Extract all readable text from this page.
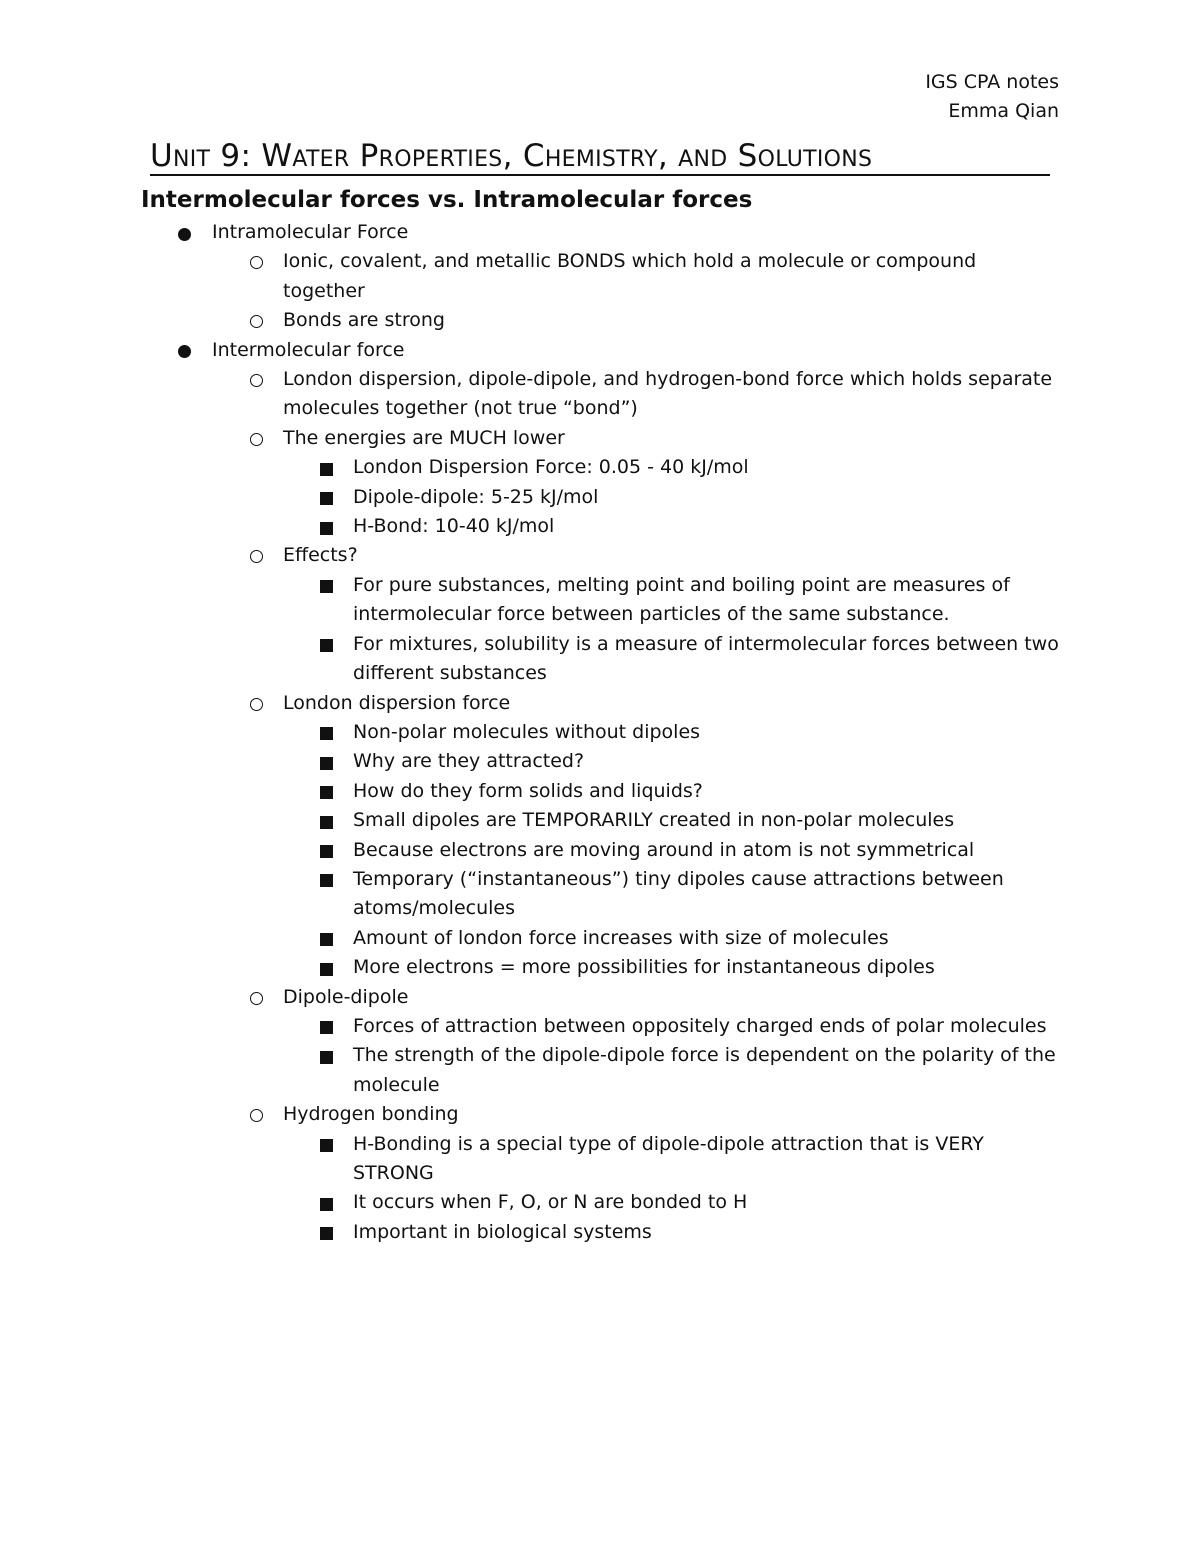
IGS CPA notes
Emma Qian
Unit 9: Water Properties, Chemistry, and Solutions
Intermolecular forces vs. Intramolecular forces
Intramolecular Force
Ionic, covalent, and metallic BONDS which hold a molecule or compound together
Bonds are strong
Intermolecular force
London dispersion, dipole-dipole, and hydrogen-bond force which holds separate molecules together (not true “bond”)
The energies are MUCH lower
London Dispersion Force: 0.05 - 40 kJ/mol
Dipole-dipole: 5-25 kJ/mol
H-Bond: 10-40 kJ/mol
Effects?
For pure substances, melting point and boiling point are measures of intermolecular force between particles of the same substance.
For mixtures, solubility is a measure of intermolecular forces between two different substances
London dispersion force
Non-polar molecules without dipoles
Why are they attracted?
How do they form solids and liquids?
Small dipoles are TEMPORARILY created in non-polar molecules
Because electrons are moving around in atom is not symmetrical
Temporary (“instantaneous”) tiny dipoles cause attractions between atoms/molecules
Amount of london force increases with size of molecules
More electrons = more possibilities for instantaneous dipoles
Dipole-dipole
Forces of attraction between oppositely charged ends of polar molecules
The strength of the dipole-dipole force is dependent on the polarity of the molecule
Hydrogen bonding
H-Bonding is a special type of dipole-dipole attraction that is VERY STRONG
It occurs when F, O, or N are bonded to H
Important in biological systems
